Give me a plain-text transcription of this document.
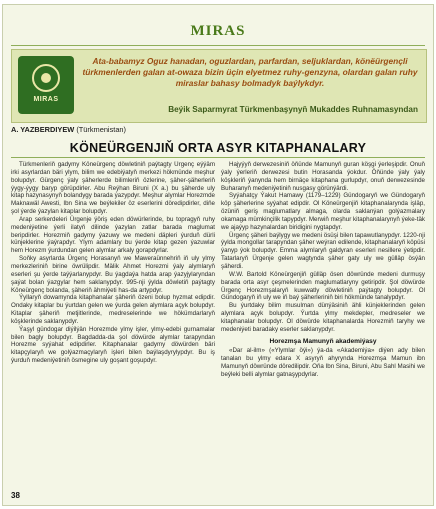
MIRAS
MIRAS
Ata-babamyz Oguz hanadan, oguzlardan, parfardan, seljuklardan, könëürgençli türkmenlerden galan at-owaza bizin üçin elyetmez ruhy-genzyna, olardan galan ruhy miraslar bahasy bolmadyk baýlykdyr.
Beýik Saparmyrat Türkmenbaşynyň Mukaddes Ruhnamasyndan
A. YAZBERDIYEW (Türkmenistan)
KÖNEÜRGENJIŇ ORTA ASYR KITAPHANALARY

Türkmenleriň gadymy Köneürgenç döwletiniň paýtagty Ürgenç eýýäm irki asyrlardan bäri ylym, bilim we edebiýatyň merkezi hökmünde meşhur bolupdyr. Gürgenç ýaly şäherlerde bilimleriň özlerine, şäher-şäherleriň ýygy-ýygy baryp görüpdirler. Abu Reýhan Biruni (X a.) bu şäherde uly kitap hazynasynyň bolandygy barada ýazypdyr. Meşhur alymlar Horezmde Maknawäl Awesti, Ibn Sina we beýlekiler öz eserlerini döredipdirler, diňe şol ýerde ýazylan kitaplar bolupdyr.

Arap serkerdeleri Ürgenje ýöriş eden döwürlerinde, bu topragyň ruhy medeniýetine ýerli ilatyň dilinde ýazylan zatlar barada maglumat beripdirler. Horezmiň gadymy ýazuwy we medeni däpleri ýurduň dürli künjeklerine ýaýrapdyr. Ylym adamlary bu ýerde kitap gezen ýazuwlar hem Horezm ýurdundan gelen alymlar arkaly gorapdyrlar.

Soňky asyrlarda Ürgenç Horasanyň we Maweraünnehriň iň uly ylmy merkezleriniň birine öwrülipdir. Mälik Ahmet Horezmi ýaly alymlaryň eserleri şu ýerde taýýarlanypdyr. Bu ýagdaýa hatda arap ýazyjylaryndan şaýat bolan ýazgylar hem saklanypdyr. 995-nji ýylda döwletiň paýtagty Köneürgenç bolanda, şäheriň ähmiýeti has-da artypdyr.

Ýyllaryň dowamynda kitaphanalar şäheriň özeni bolup hyzmat edipdir. Ondaky kitaplar bu ýurtdan gelen we ýurda gelen alymlara açyk bolupdyr. Kitaplar şäheriň metjitlerinde, medreselerinde we hökümdarlaryň köşklerinde saklanypdyr.

Ýaşyl gündogar diýilýän Horezmde ylmy işler, ylmy-edebi gurnamalar bilen bagly bolupdyr. Bagdadda-da şol döwürde alymlar tarapyndan Horezme syýahat edipdirler. Kitaphanalar gadymy döwürden bäri kitapçylaryň we golýazmaçylaryň işleri bilen baýlaşdyrylypdyr. Bu iş ýurduň medeniýetiniň ösmegine uly goşant goşupdyr.

Hajyýyň derwezesiniň öňünde Mamunyň guran köşgi ýerleşipdir. Onuň ýaly ýerleriň derwezesi butin Horasanda ýokdur. Öňünde ýaly ýaly köşkleriň ýanynda hem birnäçe kitaphana gurlupdyr, onuň derwezesinde Buharanyň medeniýetiniň nusgasy görünýärdi.

Syýahatçy Ýakut Hamawy (1179–1229) Gündogaryň we Gündogaryň köp şäherlerine syýahat edipdir. Ol Köneürgenjiň kitaphanalarynda işläp, özüniň geriş maglumatlary almaga, olarda saklanýan golýazmalary okamaga mümkinçilik tapypdyr. Merwiň meşhur kitaphanalarynyň ýeke-täk we ajaýyp hazynalardan biridigini nygtapdyr.

Ürgenç şäheri baýlygy we medeni ösüşi bilen tapawutlanypdyr. 1220-nji ýylda mongollar tarapyndan şäher weýran edilende, kitaphanalaryň köpüsi ýanyp ýok bolupdyr. Emma alymlaryň galdyran eserleri nesillere ýetipdir. Tatarlaryň Ürgenje gelen wagtynda şäher gaty uly we gülläp ösýän şäherdi.

W.W. Bartold Köneürgenjiň gülläp ösen döwründe medeni durmuşy barada orta asyr çeşmelerinden maglumatlaryny getiripdir. Şol döwürde Ürgenç Horezmşalaryň kuwwatly döwletiniň paýtagty bolupdyr. Ol Gündogaryň iň uly we iň baý şäherleriniň biri hökmünde tanalypdyr.

Bu ýurtdaky bilim musulman dünýäsiniň ähli künjeklerinden gelen alymlara açyk bolupdyr. Ýurtda ylmy mekdepler, medreseler we kitaphanalar bolupdyr. Ol döwürde kitaphanalarda Horezmiň taryhy we medeniýeti baradaky eserler saklanypdyr.

Horezmşa Mamunyň akademiýasy

«Dar al-ilm» («Ylymlar öýi») ýa-da «Akademiýa» diýen ady bilen tanalan bu ylmy edara X asyryň ahyrynda Horezmşa Mamun ibn Mamunyň döwründe döredilipdir. Oňa Ibn Sina, Biruni, Abu Sahl Masihi we beýleki belli alymlar gatnaşypdyrlar.

38
